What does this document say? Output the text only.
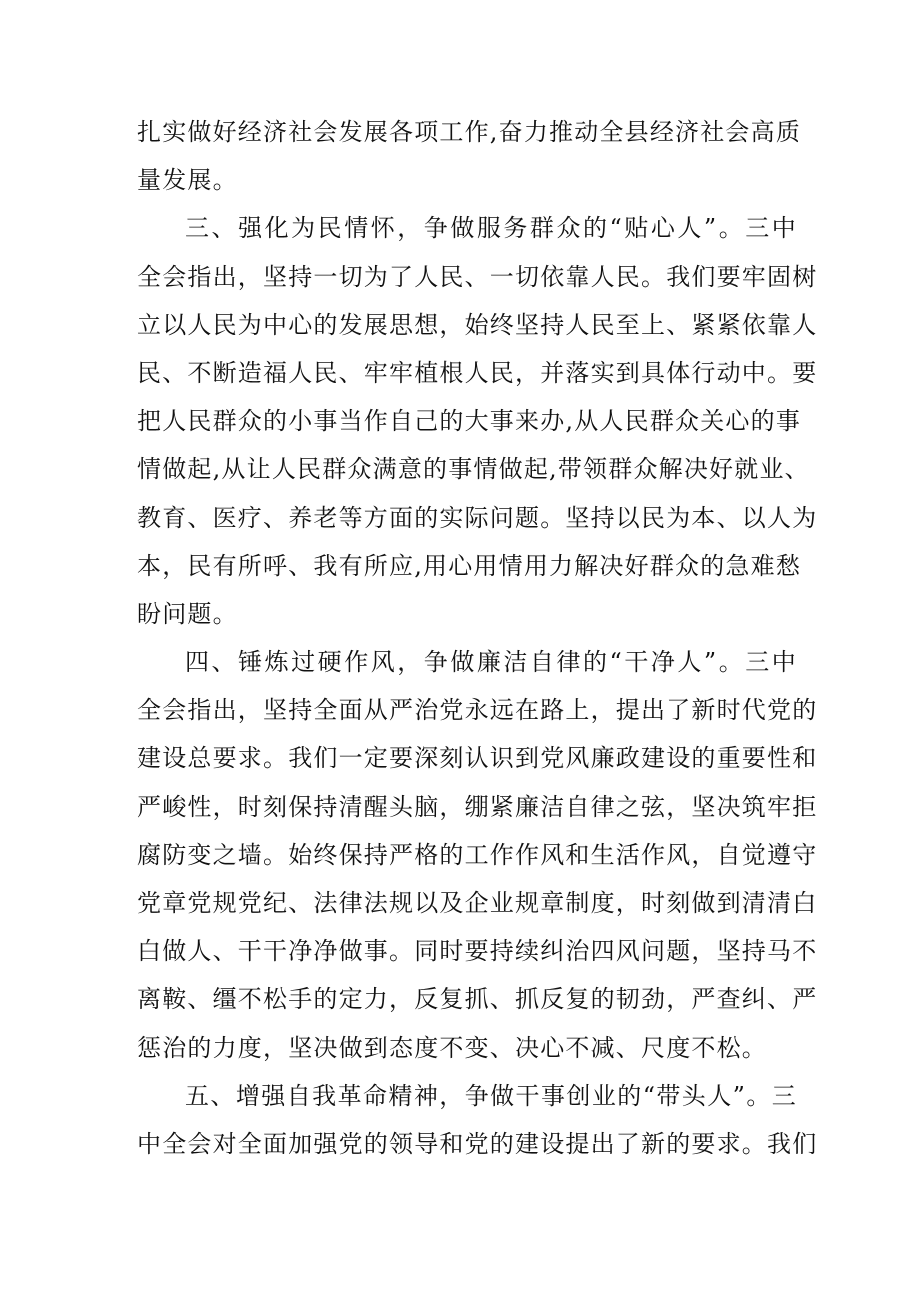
扎实做好经济社会发展各项工作,奋力推动全县经济社会高质
量发展。
三、强化为民情怀，争做服务群众的“贴心人”。三中
全会指出，坚持一切为了人民、一切依靠人民。我们要牢固树
立以人民为中心的发展思想，始终坚持人民至上、紧紧依靠人
民、不断造福人民、牢牢植根人民，并落实到具体行动中。要
把人民群众的小事当作自己的大事来办,从人民群众关心的事
情做起,从让人民群众满意的事情做起,带领群众解决好就业、
教育、医疗、养老等方面的实际问题。坚持以民为本、以人为
本，民有所呼、我有所应,用心用情用力解决好群众的急难愁
盼问题。
四、锤炼过硬作风，争做廉洁自律的“干净人”。三中
全会指出，坚持全面从严治党永远在路上，提出了新时代党的
建设总要求。我们一定要深刻认识到党风廉政建设的重要性和
严峻性，时刻保持清醒头脑，绷紧廉洁自律之弦，坚决筑牢拒
腐防变之墙。始终保持严格的工作作风和生活作风，自觉遵守
党章党规党纪、法律法规以及企业规章制度，时刻做到清清白
白做人、干干净净做事。同时要持续纠治四风问题，坚持马不
离鞍、缰不松手的定力，反复抓、抓反复的韧劲，严查纠、严
惩治的力度，坚决做到态度不变、决心不减、尺度不松。
五、增强自我革命精神，争做干事创业的“带头人”。三
中全会对全面加强党的领导和党的建设提出了新的要求。我们
